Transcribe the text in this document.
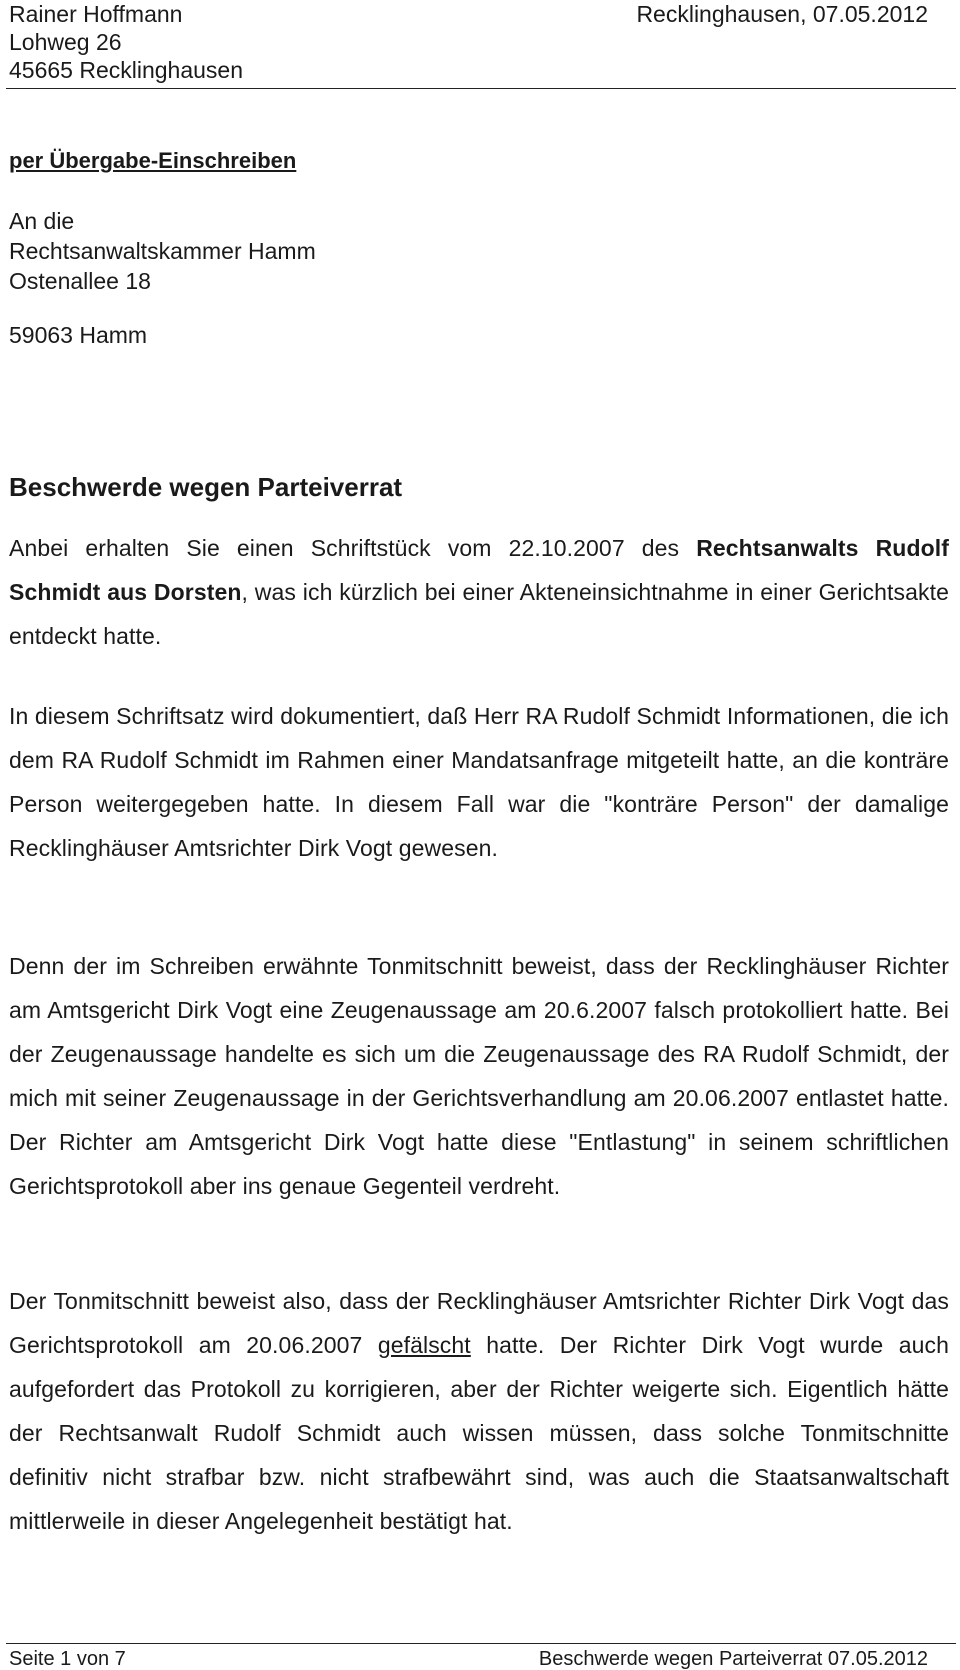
Rainer Hoffmann
Lohweg 26
45665 Recklinghausen
Recklinghausen, 07.05.2012
per Übergabe-Einschreiben
An die
Rechtsanwaltskammer Hamm
Ostenallee 18
59063 Hamm
Beschwerde wegen Parteiverrat
Anbei erhalten Sie einen Schriftstück vom 22.10.2007 des Rechtsanwalts Rudolf Schmidt aus Dorsten, was ich kürzlich bei einer Akteneinsichtnahme in einer Gerichtsakte entdeckt hatte.
In diesem Schriftsatz wird dokumentiert, daß Herr RA Rudolf Schmidt Informationen, die ich dem RA Rudolf Schmidt im Rahmen einer Mandatsanfrage mitgeteilt hatte, an die konträre Person weitergegeben hatte. In diesem Fall war die "konträre Person" der damalige Recklinghäuser Amtsrichter Dirk Vogt gewesen.
Denn der im Schreiben erwähnte Tonmitschnitt beweist, dass der Recklinghäuser Richter am Amtsgericht Dirk Vogt eine Zeugenaussage am 20.6.2007 falsch protokolliert hatte. Bei der Zeugenaussage handelte es sich um die Zeugenaussage des RA Rudolf Schmidt, der mich mit seiner Zeugenaussage in der Gerichtsverhandlung am 20.06.2007 entlastet hatte. Der Richter am Amtsgericht Dirk Vogt hatte diese "Entlastung" in seinem schriftlichen Gerichtsprotokoll aber ins genaue Gegenteil verdreht.
Der Tonmitschnitt beweist also, dass der Recklinghäuser Amtsrichter Richter Dirk Vogt das Gerichtsprotokoll am 20.06.2007 gefälscht hatte. Der Richter Dirk Vogt wurde auch aufgefordert das Protokoll zu korrigieren, aber der Richter weigerte sich. Eigentlich hätte der Rechtsanwalt Rudolf Schmidt auch wissen müssen, dass solche Tonmitschnitte definitiv nicht strafbar bzw. nicht strafbewährt sind, was auch die Staatsanwaltschaft mittlerweile in dieser Angelegenheit bestätigt hat.
Seite 1 von 7	Beschwerde wegen Parteiverrat 07.05.2012
